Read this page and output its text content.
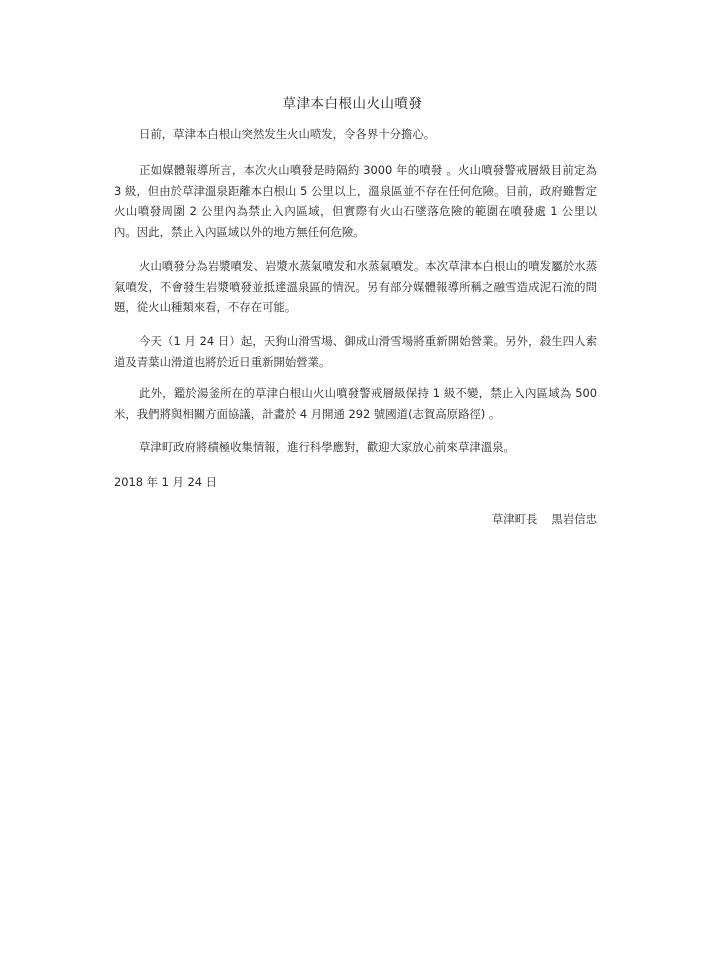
草津本白根山火山噴發

日前，草津本白根山突然发生火山喷发，令各界十分擔心。

正如媒體報導所言，本次火山噴發是時隔約 3000 年的噴發 。火山噴發警戒層級目前定為 3 級，但由於草津溫泉距離本白根山 5 公里以上，溫泉區並不存在任何危險。目前，政府雖暫定火山噴發周圍 2 公里內為禁止入內區域，但實際有火山石墜落危險的範圍在噴發處 1 公里以內。因此，禁止入內區域以外的地方無任何危險。

火山噴發分為岩漿噴发、岩漿水蒸氣噴发和水蒸氣噴发。本次草津本白根山的噴发屬於水蒸氣噴发，不會發生岩漿噴發並抵達溫泉區的情況。另有部分媒體報導所稱之融雪造成泥石流的問題，從火山種類來看，不存在可能。

今天（1 月 24 日）起，天狗山滑雪場、御成山滑雪場將重新開始營業。另外，殺生四人索道及青葉山滑道也將於近日重新開始營業。

此外，鑑於湯釜所在的草津白根山火山噴發警戒層級保持 1 級不變，禁止入內區域為 500 米，我們將與相關方面協議，計畫於 4 月開通 292 號國道(志賀高原路徑) 。

草津町政府將積極收集情報，進行科學應對，歡迎大家放心前來草津溫泉。

2018 年 1 月 24 日
草津町長 黒岩信忠
